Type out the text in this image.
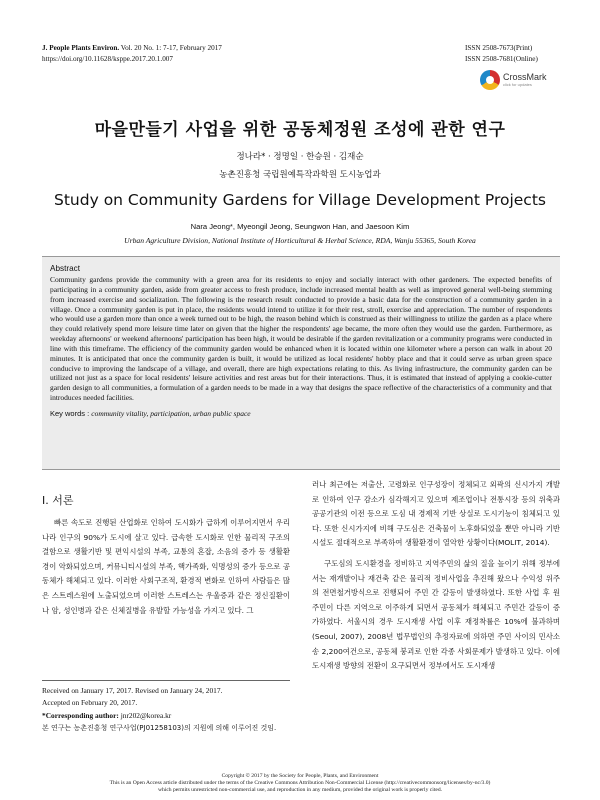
J. People Plants Environ. Vol. 20 No. 1: 7-17, February 2017
https://doi.org/10.11628/ksppe.2017.20.1.007
ISSN 2508-7673(Print)
ISSN 2508-7681(Online)
CrossMark
click for updates
마을만들기 사업을 위한 공동체정원 조성에 관한 연구
정나라* · 정명일 · 한승원 · 김재순
농촌진흥청 국립원예특작과학원 도시농업과
Study on Community Gardens for Village Development Projects
Nara Jeong*, Myeongil Jeong, Seungwon Han, and Jaesoon Kim
Urban Agriculture Division, National Institute of Horticultural & Herbal Science, RDA, Wanju 55365, South Korea
Abstract
Community gardens provide the community with a green area for its residents to enjoy and socially interact with other gardeners. The expected benefits of participating in a community garden, aside from greater access to fresh produce, include increased mental health as well as improved general well-being stemming from increased exercise and socialization. The following is the research result conducted to provide a basic data for the construction of a community garden in a village. Once a community garden is put in place, the residents would intend to utilize it for their rest, stroll, exercise and appreciation. The number of respondents who would use a garden more than once a week turned out to be high, the reason behind which is construed as their willingness to utilize the garden as a place where they could relatively spend more leisure time later on given that the higher the respondents' age became, the more often they would use the garden. Furthermore, as weekday afternoons' or weekend afternoons' participation has been high, it would be desirable if the garden revitalization or a community programs were conducted in line with this timeframe. The efficiency of the community garden would be enhanced when it is located within one kilometer where a person can walk in about 20 minutes. It is anticipated that once the community garden is built, it would be utilized as local residents' hobby place and that it could serve as urban green space conducive to improving the landscape of a village, and overall, there are high expectations relating to this. As living infrastructure, the community garden can be utilized not just as a space for local residents' leisure activities and rest areas but for their interactions. Thus, it is estimated that instead of applying a cookie-cutter garden design to all communities, a formulation of a garden needs to be made in a way that designs the space reflective of the characteristics of a community and that introduces needed facilities.
Key words : community vitality, participation, urban public space
Ⅰ. 서론
빠른 속도로 진행된 산업화로 인하여 도시화가 급하게 이루어지면서 우리나라 인구의 90%가 도시에 살고 있다. 급속한 도시화로 인한 물리적 구조의 결함으로 생활기반 및 편익시설의 부족, 교통의 혼잡, 소음의 증가 등 생활환경이 악화되었으며, 커뮤니티시설의 부족, 핵가족화, 익명성의 증가 등으로 공동체가 해체되고 있다. 이러한 사회구조적, 환경적 변화로 인하여 사람들은 많은 스트레스원에 노출되었으며 이러한 스트레스는 우울증과 같은 정신질환이나 암, 성인병과 같은 신체질병을 유발할 가능성을 가지고 있다. 그
러나 최근에는 저출산, 고령화로 인구성장이 정체되고 외곽의 신시가지 개발로 인하여 인구 감소가 심각해지고 있으며 제조업이나 전통시장 등의 위축과 공공기관의 이전 등으로 도심 내 경제적 기반 상실로 도시기능이 침체되고 있다. 또한 신시가지에 비해 구도심은 건축물이 노후화되었을 뿐만 아니라 기반시설도 절대적으로 부족하여 생활환경이 열악한 상황이다(MOLIT, 2014).
구도심의 도시환경을 정비하고 지역주민의 삶의 질을 높이기 위해 정부에서는 재개발이나 재건축 같은 물리적 정비사업을 추진해 왔으나 수익성 위주의 전면철거방식으로 진행되어 주민 간 갈등이 발생하였다. 또한 사업 후 원 주민이 다른 지역으로 이주하게 되면서 공동체가 해체되고 주민간 갈등이 증가하였다. 서울시의 경우 도시재생 사업 이후 재정착률은 10%에 불과하며(Seoul, 2007), 2008년 법무법인의 추정자료에 의하면 주민 사이의 민사소송 2,200여건으로, 공동체 붕괴로 인한 각종 사회문제가 발생하고 있다. 이에 도시재생 방향의 전환이 요구되면서 정부에서도 도시재생
Received on January 17, 2017. Revised on January 24, 2017.
Accepted on February 20, 2017.
*Corresponding author: jnr202@korea.kr
본 연구는 농촌진흥청 연구사업(PJ01258103)의 지원에 의해 이루어진 것임.
Copyright © 2017 by the Society for People, Plants, and Environment
This is an Open Access article distributed under the terms of the Creative Commons Attribution Non-Commercial License (http://creativecommonsorg/licenses/by-nc/3.0)
which permits unrestricted non-commercial use, and reproduction in any medium, provided the original work is properly cited.
